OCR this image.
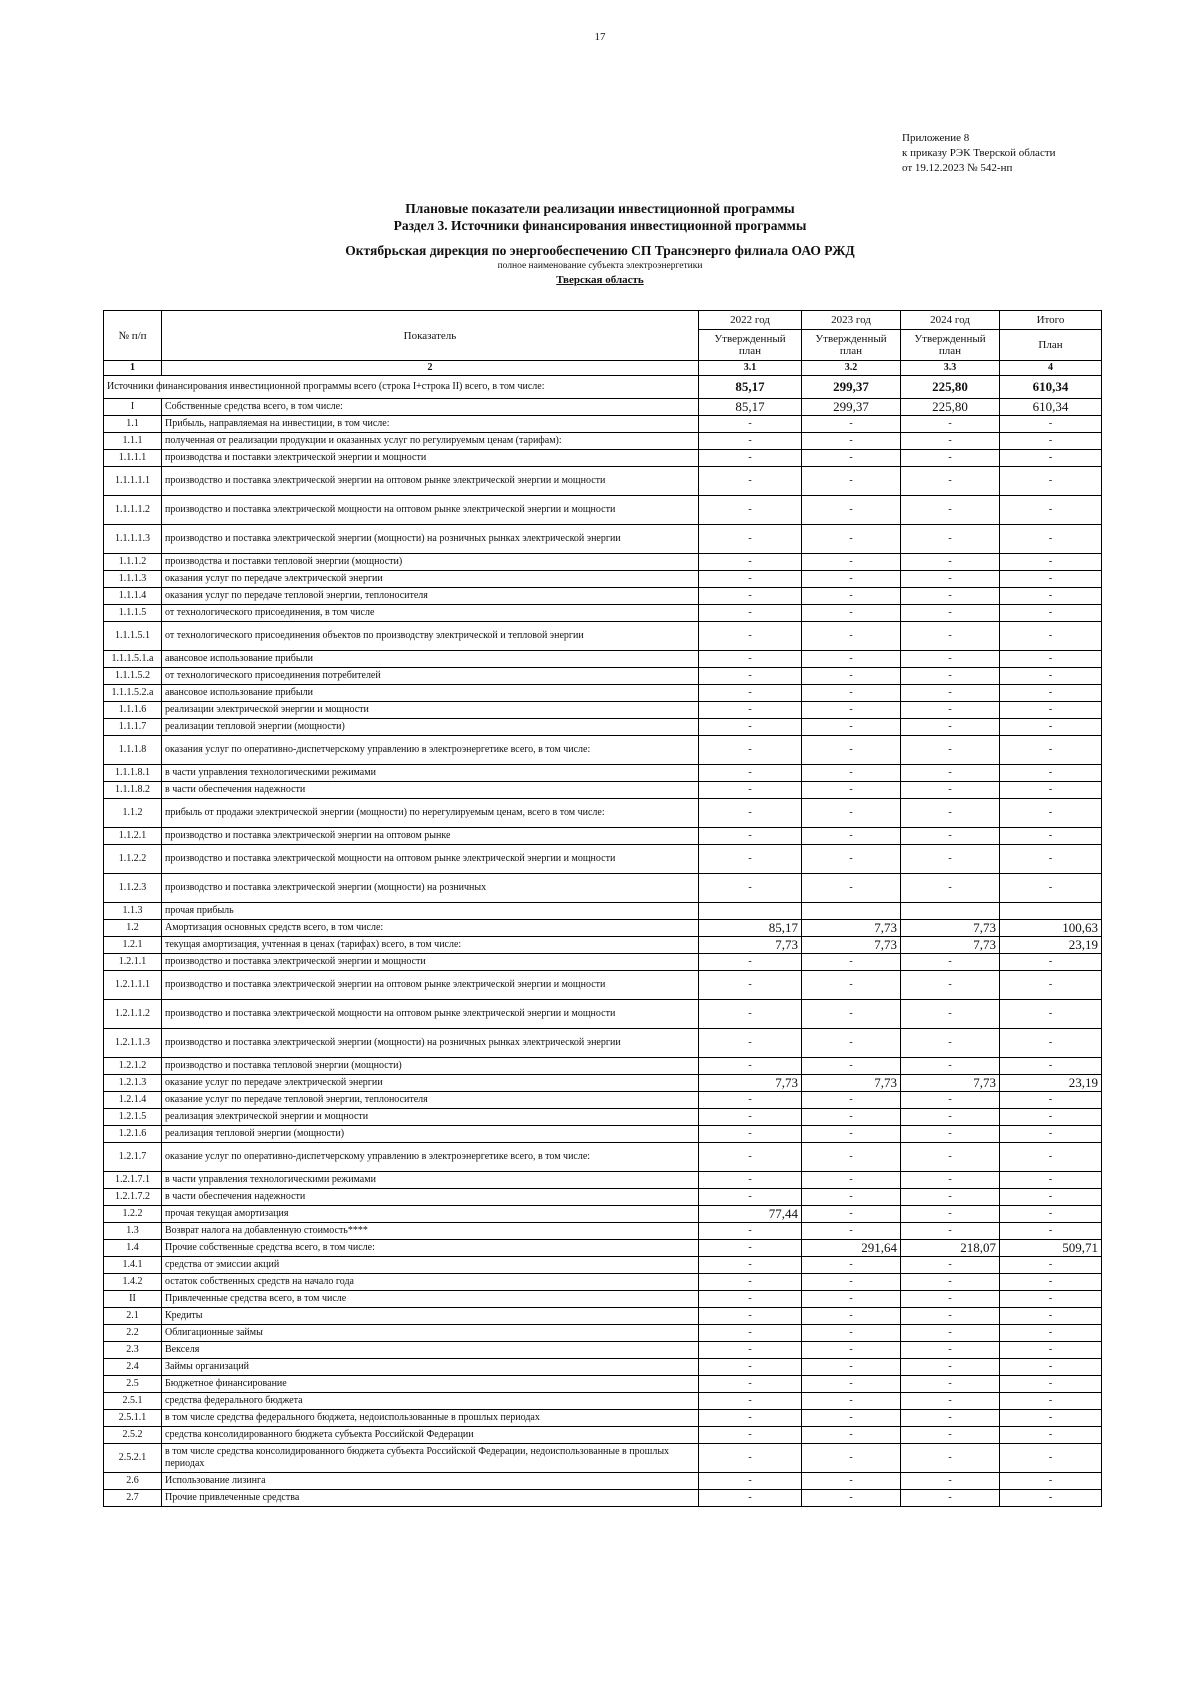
17
Приложение 8
к приказу РЭК Тверской области
от 19.12.2023 № 542-нп
Плановые показатели реализации инвестиционной программы
Раздел 3. Источники финансирования инвестиционной программы
Октябрьская дирекция по энергообеспечению СП Трансэнерго филиала ОАО РЖД
полное наименование субъекта электроэнергетики
Тверская область
№ п/п	Показатель	2022 год	2023 год	2024 год	Итого
		Утвержденный план	Утвержденный план	Утвержденный план	План
1	2	3.1	3.2	3.3	4
Источники финансирования инвестиционной программы всего (строка I+строка II) всего, в том числе:		85,17	299,37	225,80	610,34
I	Собственные средства всего, в том числе:	85,17	299,37	225,80	610,34
1.1	Прибыль, направляемая на инвестиции, в том числе:	-	-	-	-
1.1.1	полученная от реализации продукции и оказанных услуг по регулируемым ценам (тарифам):	-	-	-	-
1.1.1.1	производства и поставки электрической энергии и мощности	-	-	-	-
1.1.1.1.1	производство и поставка электрической энергии на оптовом рынке электрической энергии и мощности	-	-	-	-
1.1.1.1.2	производство и поставка электрической мощности на оптовом рынке электрической энергии и мощности	-	-	-	-
1.1.1.1.3	производство и поставка электрической энергии (мощности) на розничных рынках электрической энергии	-	-	-	-
1.1.1.2	производства и поставки тепловой энергии (мощности)	-	-	-	-
1.1.1.3	оказания услуг по передаче электрической энергии	-	-	-	-
1.1.1.4	оказания услуг по передаче тепловой энергии, теплоносителя	-	-	-	-
1.1.1.5	от технологического присоединения, в том числе	-	-	-	-
1.1.1.5.1	от технологического присоединения объектов по производству электрической и тепловой энергии	-	-	-	-
1.1.1.5.1.а	авансовое использование прибыли	-	-	-	-
1.1.1.5.2	от технологического присоединения потребителей	-	-	-	-
1.1.1.5.2.а	авансовое использование прибыли	-	-	-	-
1.1.1.6	реализации электрической энергии и мощности	-	-	-	-
1.1.1.7	реализации тепловой энергии (мощности)	-	-	-	-
1.1.1.8	оказания услуг по оперативно-диспетчерскому управлению в электроэнергетике всего, в том числе:	-	-	-	-
1.1.1.8.1	в части управления технологическими режимами	-	-	-	-
1.1.1.8.2	в части обеспечения надежности	-	-	-	-
1.1.2	прибыль от продажи электрической энергии (мощности) по нерегулируемым ценам, всего в том числе:	-	-	-	-
1.1.2.1	производство и поставка электрической энергии на оптовом рынке	-	-	-	-
1.1.2.2	производство и поставка электрической мощности на оптовом рынке электрической энергии и мощности	-	-	-	-
1.1.2.3	производство и поставка электрической энергии (мощности) на розничных	-	-	-	-
1.1.3	прочая прибыль				
1.2	Амортизация основных средств всего, в том числе:	85,17	7,73	7,73	100,63
1.2.1	текущая амортизация, учтенная в ценах (тарифах) всего, в том числе:	7,73	7,73	7,73	23,19
1.2.1.1	производство и поставка электрической энергии и мощности	-	-	-	-
1.2.1.1.1	производство и поставка электрической энергии на оптовом рынке электрической энергии и мощности	-	-	-	-
1.2.1.1.2	производство и поставка электрической мощности на оптовом рынке электрической энергии и мощности	-	-	-	-
1.2.1.1.3	производство и поставка электрической энергии (мощности) на розничных рынках электрической энергии	-	-	-	-
1.2.1.2	производство и поставка тепловой энергии (мощности)	-	-	-	-
1.2.1.3	оказание услуг по передаче электрической энергии	7,73	7,73	7,73	23,19
1.2.1.4	оказание услуг по передаче тепловой энергии, теплоносителя	-	-	-	-
1.2.1.5	реализация электрической энергии и мощности	-	-	-	-
1.2.1.6	реализация тепловой энергии (мощности)	-	-	-	-
1.2.1.7	оказание услуг по оперативно-диспетчерскому управлению в электроэнергетике всего, в том числе:	-	-	-	-
1.2.1.7.1	в части управления технологическими режимами	-	-	-	-
1.2.1.7.2	в части обеспечения надежности	-	-	-	-
1.2.2	прочая текущая амортизация	77,44	-	-	-
1.3	Возврат налога на добавленную стоимость****	-	-	-	-
1.4	Прочие собственные средства всего, в том числе:	-	291,64	218,07	509,71
1.4.1	средства от эмиссии акций	-	-	-	-
1.4.2	остаток собственных средств на начало года	-	-	-	-
II	Привлеченные средства всего, в том числе	-	-	-	-
2.1	Кредиты	-	-	-	-
2.2	Облигационные займы	-	-	-	-
2.3	Векселя	-	-	-	-
2.4	Займы организаций	-	-	-	-
2.5	Бюджетное финансирование	-	-	-	-
2.5.1	средства федерального бюджета	-	-	-	-
2.5.1.1	в том числе средства федерального бюджета, недоиспользованные в прошлых периодах	-	-	-	-
2.5.2	средства консолидированного бюджета субъекта Российской Федерации	-	-	-	-
2.5.2.1	в том числе средства консолидированного бюджета субъекта Российской Федерации, недоиспользованные в прошлых периодах	-	-	-	-
2.6	Использование лизинга	-	-	-	-
2.7	Прочие привлеченные средства	-	-	-	-
